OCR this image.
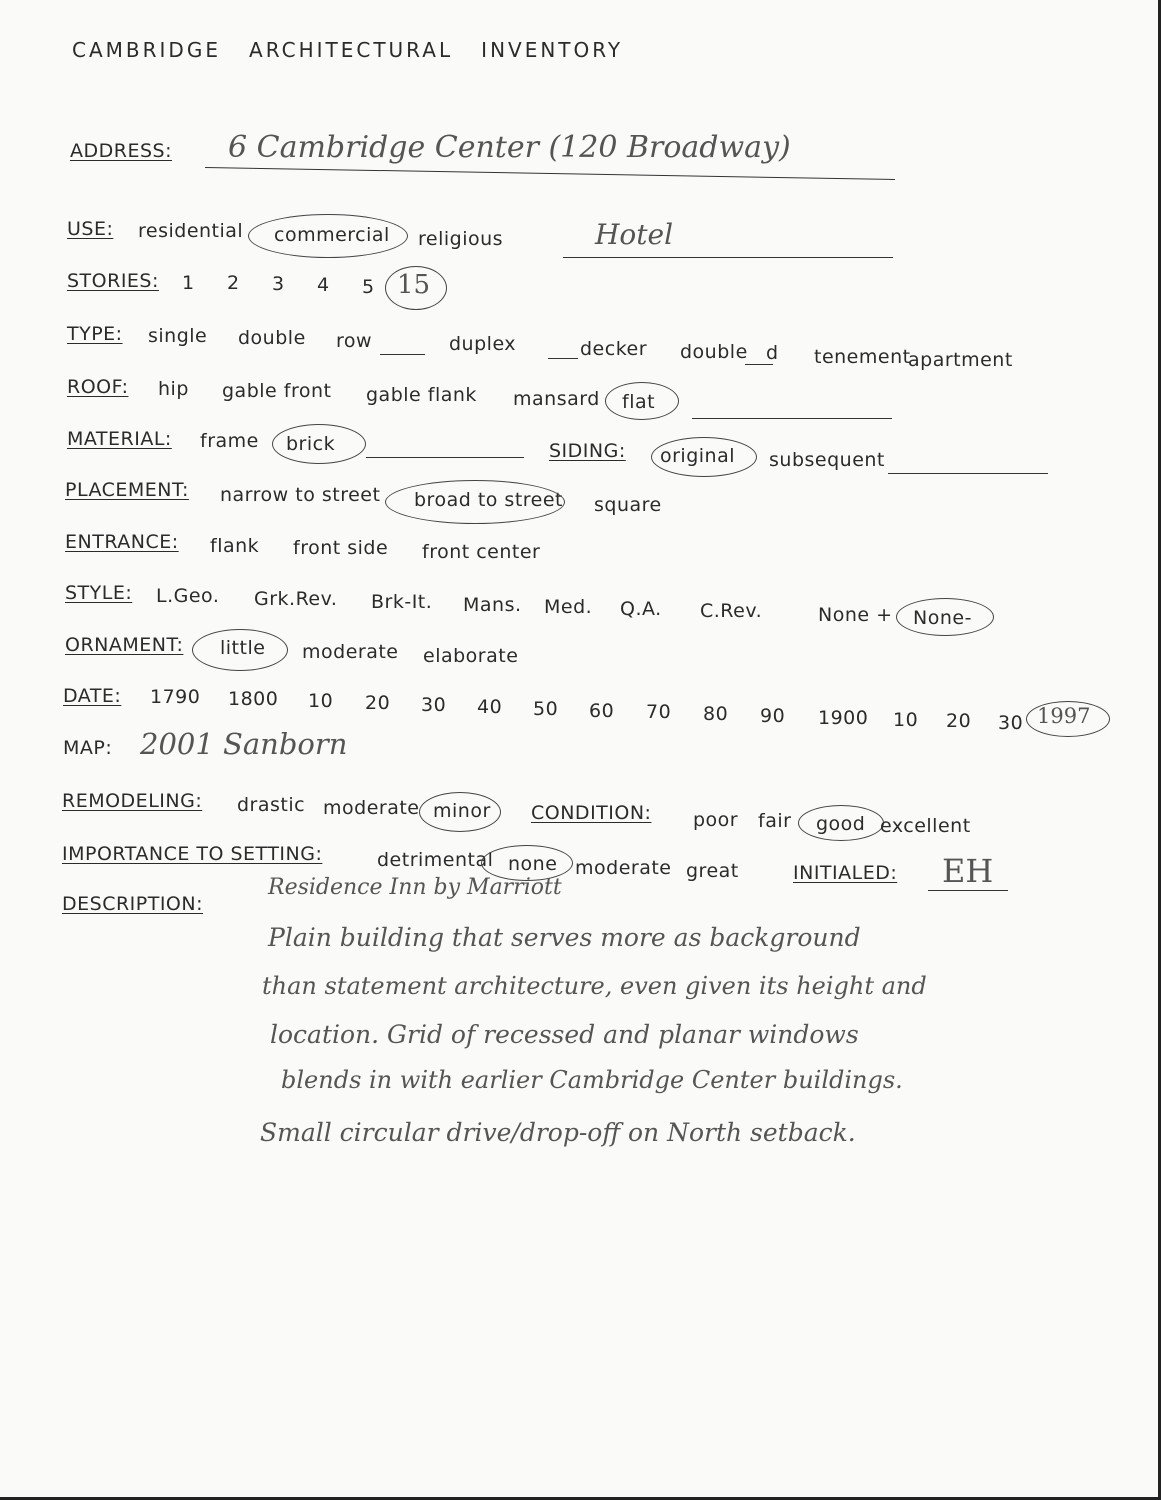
CAMBRIDGE   ARCHITECTURAL   INVENTORY
ADDRESS: 6 Cambridge Center (120 Broadway)
USE: residential commercial religious	Hotel
STORIES: 1 2 3 4 5 15
TYPE: single double row	duplex	decker double d tenement
apartment
ROOF: hip gable front gable flank mansard flat
MATERIAL: frame brick	SIDING: original subsequent
PLACEMENT: narrow to street broad to street square
ENTRANCE: flank front side front center
STYLE: L.Geo. Grk.Rev. Brk-It. Mans. Med. Q.A. C.Rev.	None + None-
ORNAMENT: little moderate elaborate
DATE: 1790 1800 10 20 30 40 50 60 70 80 90 1900 10 20 30 1997
MAP: 2001 Sanborn
REMODELING: drastic moderate minor CONDITION: poor fair good excellent
IMPORTANCE TO SETTING:	detrimental none moderate great	INITIALED: EH
DESCRIPTION:
Residence Inn by Marriott
Plain building that serves more as background
than statement architecture, even given its height and
location. Grid of recessed and planar windows
blends in with earlier Cambridge Center buildings.
Small circular drive/drop-off on North setback.
